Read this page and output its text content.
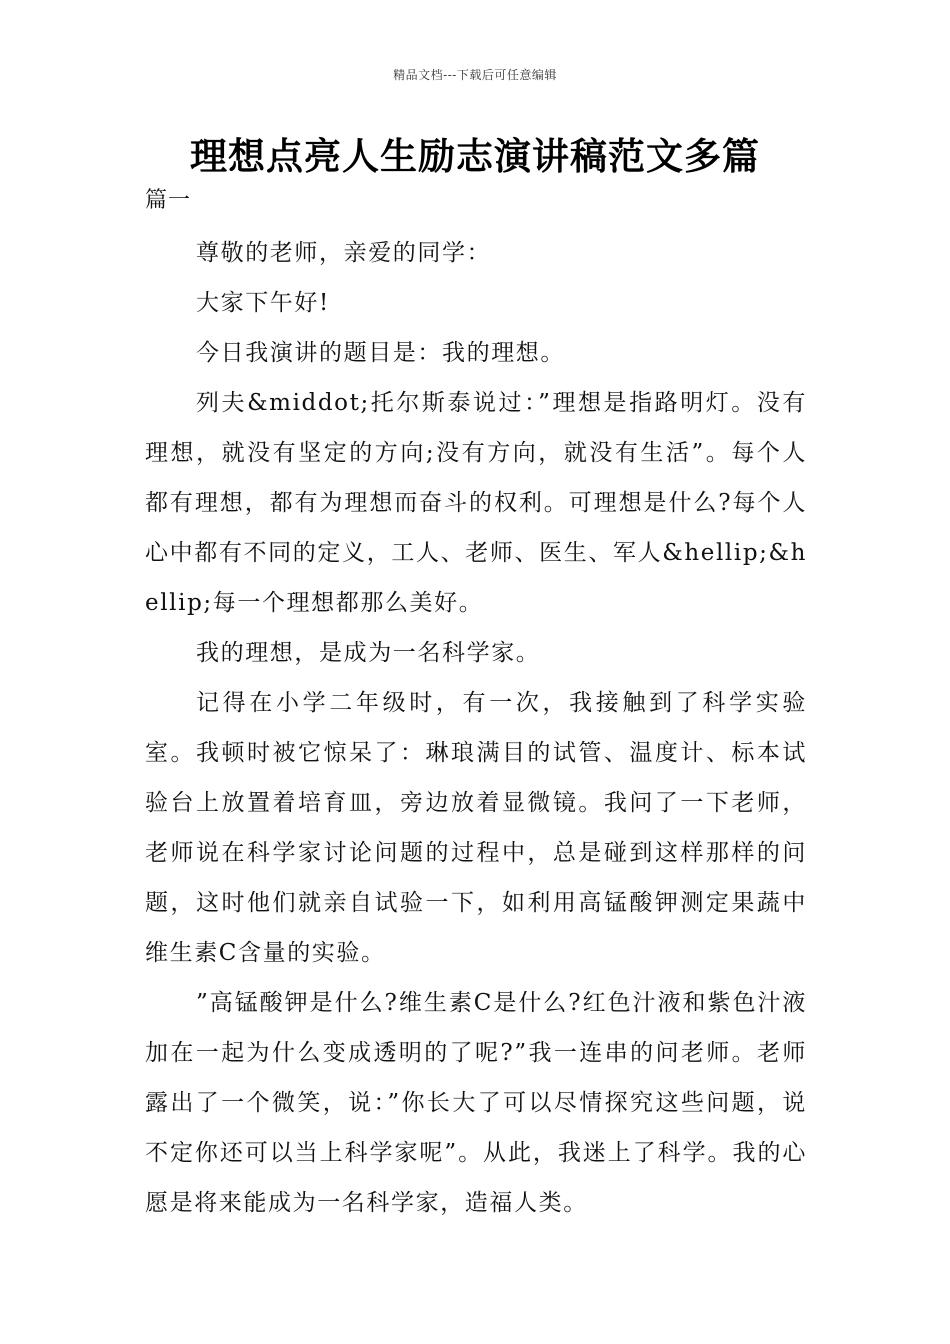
精品文档---下载后可任意编辑
理想点亮人生励志演讲稿范文多篇
篇一

尊敬的老师，亲爱的同学：

大家下午好!

今日我演讲的题目是：我的理想。

列夫&middot;托尔斯泰说过：”理想是指路明灯。没有理想，就没有坚定的方向;没有方向，就没有生活”。每个人都有理想，都有为理想而奋斗的权利。可理想是什么?每个人心中都有不同的定义，工人、老师、医生、军人&hellip;&hellip;每一个理想都那么美好。

我的理想，是成为一名科学家。

记得在小学二年级时，有一次，我接触到了科学实验室。我顿时被它惊呆了：琳琅满目的试管、温度计、标本试验台上放置着培育皿，旁边放着显微镜。我问了一下老师，老师说在科学家讨论问题的过程中，总是碰到这样那样的问题，这时他们就亲自试验一下，如利用高锰酸钾测定果蔬中维生素C含量的实验。

”高锰酸钾是什么?维生素C是什么?红色汁液和紫色汁液加在一起为什么变成透明的了呢?”我一连串的问老师。老师露出了一个微笑，说：”你长大了可以尽情探究这些问题，说不定你还可以当上科学家呢”。从此，我迷上了科学。我的心愿是将来能成为一名科学家，造福人类。
